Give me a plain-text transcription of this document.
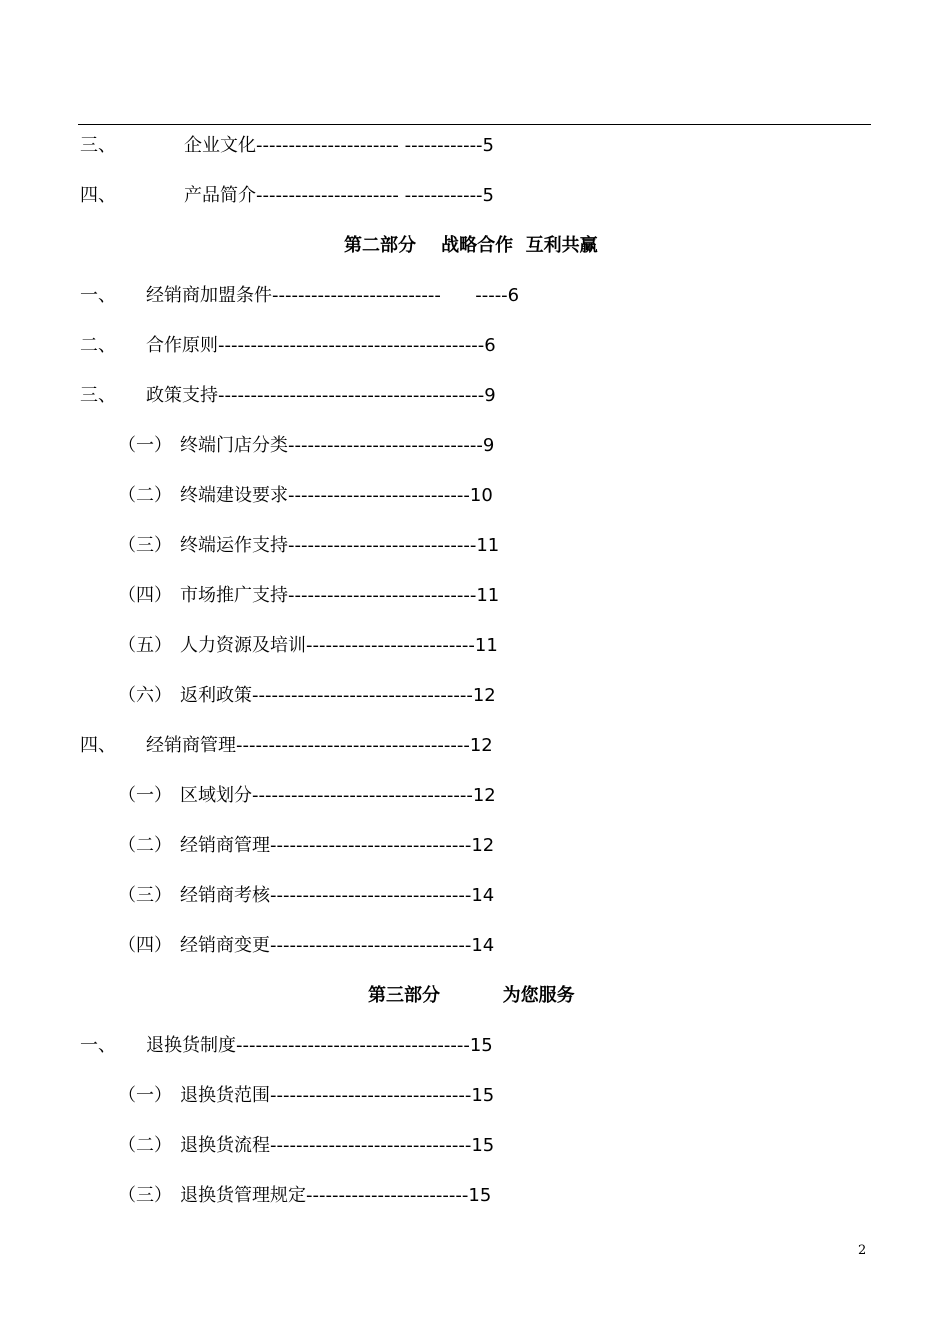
三、	企业文化---------------------- ------------5
四、	产品简介---------------------- ------------5
第二部分    战略合作  互利共赢
一、 经销商加盟条件--------------------------      -----6
二、 合作原则-----------------------------------------6
三、 政策支持-----------------------------------------9
（一） 终端门店分类------------------------------9
（二） 终端建设要求----------------------------10
（三） 终端运作支持-----------------------------11
（四） 市场推广支持-----------------------------11
（五） 人力资源及培训--------------------------11
（六） 返利政策----------------------------------12
四、 经销商管理------------------------------------12
（一） 区域划分----------------------------------12
（二） 经销商管理-------------------------------12
（三） 经销商考核-------------------------------14
（四） 经销商变更-------------------------------14
第三部分          为您服务
一、 退换货制度------------------------------------15
（一） 退换货范围-------------------------------15
（二） 退换货流程-------------------------------15
（三） 退换货管理规定-------------------------15
2
